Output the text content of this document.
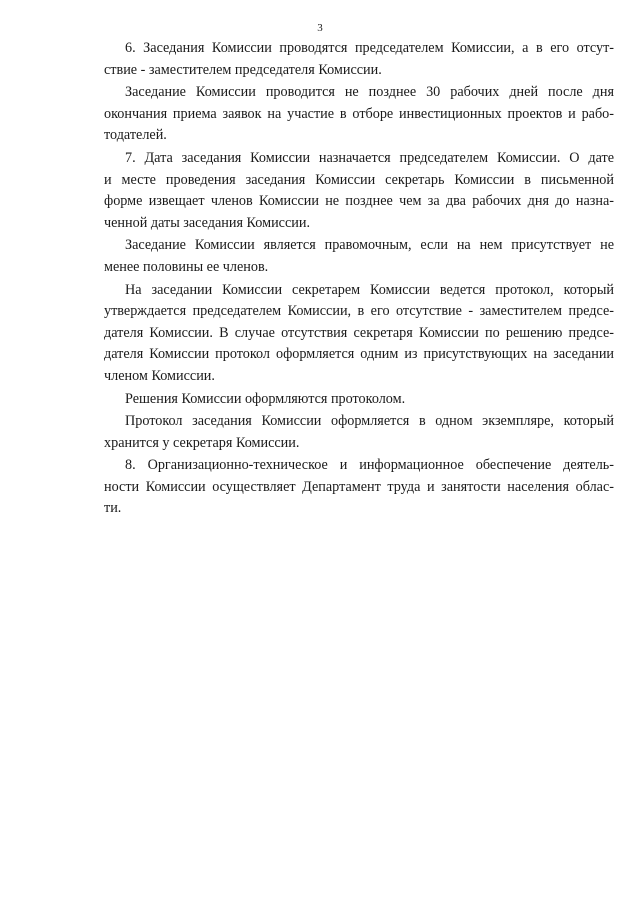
3

6. Заседания Комиссии проводятся председателем Комиссии, а в его отсут-
ствие - заместителем председателя Комиссии.

Заседание Комиссии проводится не позднее 30 рабочих дней после дня
окончания приема заявок на участие в отборе инвестиционных проектов и рабо-
тодателей.

7. Дата заседания Комиссии назначается председателем Комиссии. О дате
и месте проведения заседания Комиссии секретарь Комиссии в письменной
форме извещает членов Комиссии не позднее чем за два рабочих дня до назна-
ченной даты заседания Комиссии.

Заседание Комиссии является правомочным, если на нем присутствует не
менее половины ее членов.

На заседании Комиссии секретарем Комиссии ведется протокол, который
утверждается председателем Комиссии, в его отсутствие - заместителем предсе-
дателя Комиссии. В случае отсутствия секретаря Комиссии по решению предсе-
дателя Комиссии протокол оформляется одним из присутствующих на заседании
членом Комиссии.

Решения Комиссии оформляются протоколом.

Протокол заседания Комиссии оформляется в одном экземпляре, который
хранится у секретаря Комиссии.

8. Организационно-техническое и информационное обеспечение деятель-
ности Комиссии осуществляет Департамент труда и занятости населения облас-
ти.
